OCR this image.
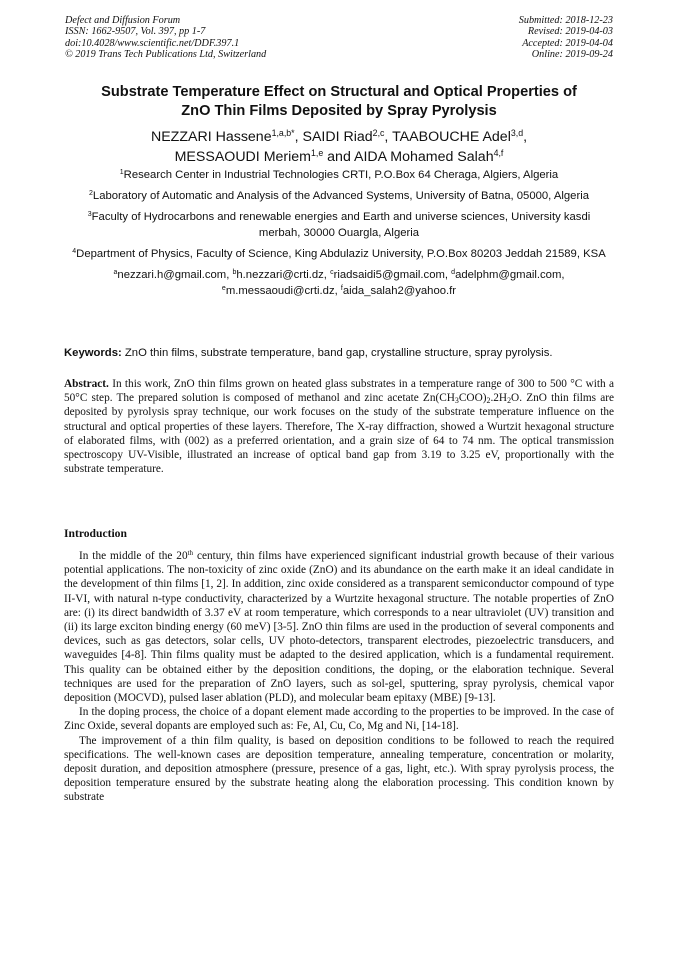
Defect and Diffusion Forum
ISSN: 1662-9507, Vol. 397, pp 1-7
doi:10.4028/www.scientific.net/DDF.397.1
© 2019 Trans Tech Publications Ltd, Switzerland
Submitted: 2018-12-23
Revised: 2019-04-03
Accepted: 2019-04-04
Online: 2019-09-24
Substrate Temperature Effect on Structural and Optical Properties of
ZnO Thin Films Deposited by Spray Pyrolysis
NEZZARI Hassene$^{1,a,b*}$, SAIDI Riad$^{2,c}$, TAABOUCHE Adel$^{3,d}$,
MESSAOUDI Meriem$^{1,e}$ and AIDA Mohamed Salah$^{4,f}$
$^1$Research Center in Industrial Technologies CRTI, P.O.Box 64 Cheraga, Algiers, Algeria
$^2$Laboratory of Automatic and Analysis of the Advanced Systems, University of Batna, 05000, Algeria
$^3$Faculty of Hydrocarbons and renewable energies and Earth and universe sciences, University kasdi merbah, 30000 Ouargla, Algeria
$^4$Department of Physics, Faculty of Science, King Abdulaziz University, P.O.Box 80203 Jeddah 21589, KSA
$^a$nezzari.h@gmail.com, $^b$h.nezzari@crti.dz, $^c$riadsaidi5@gmail.com, $^d$adelphm@gmail.com,
$^e$m.messaoudi@crti.dz, $^f$aida_salah2@yahoo.fr
Keywords: ZnO thin films, substrate temperature, band gap, crystalline structure, spray pyrolysis.
Abstract. In this work, ZnO thin films grown on heated glass substrates in a temperature range of 300 to 500 °C with a 50°C step. The prepared solution is composed of methanol and zinc acetate $Zn(CH_3COO)_2.2H_2O$. ZnO thin films are deposited by pyrolysis spray technique, our work focuses on the study of the substrate temperature influence on the structural and optical properties of these layers. Therefore, The X-ray diffraction, showed a Wurtzit hexagonal structure of elaborated films, with (002) as a preferred orientation, and a grain size of 64 to 74 nm. The optical transmission spectroscopy UV-Visible, illustrated an increase of optical band gap from 3.19 to 3.25 eV, proportionally with the substrate temperature.
Introduction

In the middle of the 20th century, thin films have experienced significant industrial growth because of their various potential applications. The non-toxicity of zinc oxide (ZnO) and its abundance on the earth make it an ideal candidate in the development of thin films [1, 2]. In addition, zinc oxide considered as a transparent semiconductor compound of type II-VI, with natural n-type conductivity, characterized by a Wurtzite hexagonal structure. The notable properties of ZnO are: (i) its direct bandwidth of 3.37 eV at room temperature, which corresponds to a near ultraviolet (UV) transition and (ii) its large exciton binding energy (60 meV) [3-5]. ZnO thin films are used in the production of several components and devices, such as gas detectors, solar cells, UV photo-detectors, transparent electrodes, piezoelectric transducers, and waveguides [4-8]. Thin films quality must be adapted to the desired application, which is a fundamental requirement. This quality can be obtained either by the deposition conditions, the doping, or the elaboration technique. Several techniques are used for the preparation of ZnO layers, such as sol-gel, sputtering, spray pyrolysis, chemical vapor deposition (MOCVD), pulsed laser ablation (PLD), and molecular beam epitaxy (MBE) [9-13].

In the doping process, the choice of a dopant element made according to the properties to be improved. In the case of Zinc Oxide, several dopants are employed such as: Fe, Al, Cu, Co, Mg and Ni, [14-18].

The improvement of a thin film quality, is based on deposition conditions to be followed to reach the required specifications. The well-known cases are deposition temperature, annealing temperature, concentration or molarity, deposit duration, and deposition atmosphere (pressure, presence of a gas, light, etc.). With spray pyrolysis process, the deposition temperature ensured by the substrate heating along the elaboration processing. This condition known by substrate
